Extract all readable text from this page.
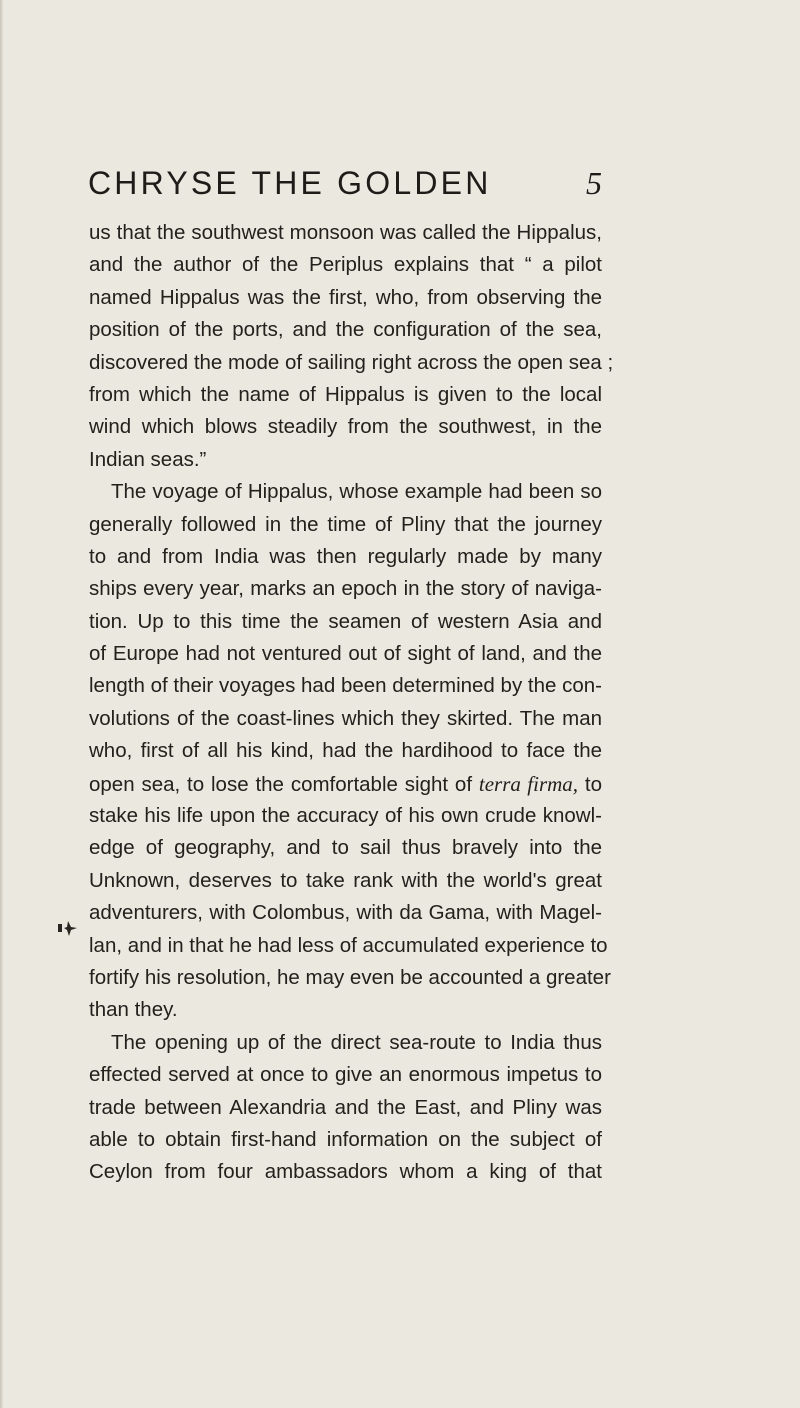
CHRYSE THE GOLDEN	5
us that the southwest monsoon was called the Hippalus,
and the author of the Periplus explains that “ a pilot
named Hippalus was the first, who, from observing the
position of the ports, and the configuration of the sea,
discovered the mode of sailing right across the open sea ;
from which the name of Hippalus is given to the local
wind which blows steadily from the southwest, in the
Indian seas.”
The voyage of Hippalus, whose example had been so
generally followed in the time of Pliny that the journey
to and from India was then regularly made by many
ships every year, marks an epoch in the story of naviga-
tion. Up to this time the seamen of western Asia and
of Europe had not ventured out of sight of land, and the
length of their voyages had been determined by the con-
volutions of the coast-lines which they skirted. The man
who, first of all his kind, had the hardihood to face the
open sea, to lose the comfortable sight of terra firma, to
stake his life upon the accuracy of his own crude knowl-
edge of geography, and to sail thus bravely into the
Unknown, deserves to take rank with the world's great
adventurers, with Colombus, with da Gama, with Magel-
lan, and in that he had less of accumulated experience to
fortify his resolution, he may even be accounted a greater
than they.
The opening up of the direct sea-route to India thus
effected served at once to give an enormous impetus to
trade between Alexandria and the East, and Pliny was
able to obtain first-hand information on the subject of
Ceylon from four ambassadors whom a king of that
